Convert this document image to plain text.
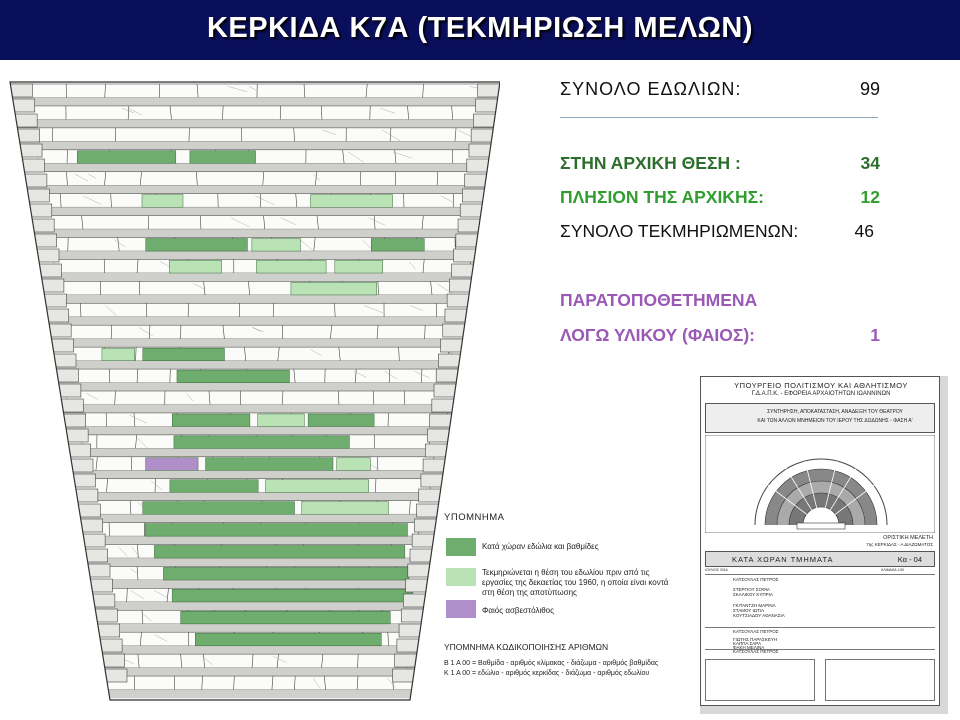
ΚΕΡΚΙΔΑ Κ7Α (ΤΕΚΜΗΡΙΩΣΗ ΜΕΛΩΝ)
ΣΥΝΟΛΟ ΕΔΩΛΙΩΝ:	99
ΣΤΗΝ ΑΡΧΙΚΗ ΘΕΣΗ :	34
ΠΛΗΣΙΟΝ ΤΗΣ ΑΡΧΙΚΗΣ:	12
ΣΥΝΟΛΟ ΤΕΚΜΗΡΙΩΜΕΝΩΝ:	46
ΠΑΡΑΤΟΠΟΘΕΤΗΜΕΝΑ
ΛΟΓΩ ΥΛΙΚΟΥ (ΦΑΙΟΣ):	1
ΥΠΟΜΝΗΜΑ
Κατά χώραν εδώλια και βαθμίδες
Τεκμηριώνεται η θέση του εδωλίου πριν από τις εργασίες της δεκαετίας του 1960, η οποία είναι κοντά στη θέση της αποτύπωσης
Φαιός ασβεστόλιθος
ΥΠΟΜΝΗΜΑ ΚΩΔΙΚΟΠΟΙΗΣΗΣ ΑΡΙΘΜΩΝ
Β 1 Α 00 = Βαθμίδα - αριθμός κλίμακας - διάζωμα - αριθμός βαθμίδας
Κ 1 Α 00 = εδώλιο - αριθμός κερκίδας - διάζωμα - αριθμός εδωλίου
ΥΠΟΥΡΓΕΙΟ ΠΟΛΙΤΙΣΜΟΥ ΚΑΙ ΑΘΛΗΤΙΣΜΟΥ
Γ.Δ.Α.Π.Κ. - ΕΦΟΡΕΙΑ ΑΡΧΑΙΟΤΗΤΩΝ ΙΩΑΝΝΙΝΩΝ
ΣΥΝΤΗΡΗΣΗ, ΑΠΟΚΑΤΑΣΤΑΣΗ, ΑΝΑΔΕΙΞΗ ΤΟΥ ΘΕΑΤΡΟΥ
ΚΑΙ ΤΩΝ ΑΛΛΩΝ ΜΝΗΜΕΙΩΝ ΤΟΥ ΙΕΡΟΥ ΤΗΣ ΔΩΔΩΝΗΣ - ΦΑΣΗ Α'
ΟΡΙΣΤΙΚΗ ΜΕΛΕΤΗ
7ης ΚΕΡΚΙΔΑΣ - Α ΔΙΑΖΩΜΑΤΟΣ
ΚΑΤΑ ΧΩΡΑΝ ΤΜΗΜΑΤΑ	Κα - 04
ΙΟΥΛΙΟΣ 2016	ΚΛΙΜΑΚΑ 1:50
ΚΑΤΣΟΥΛΑΣ ΠΕΤΡΟΣ
ΣΤΕΡΓΙΟΥ ΣΟΦΙΑ
ΣΚΑΛΙΚΟΥ ΚΥΠΡΙΑ
ΓΚΙΤΑΝΤΖΗ ΜΑΡΙΝΑ
ΣΤΑΜΟΥ ΙΩΤΙΑ
ΚΟΥΤΣΙΑΔΟΥ ΑΘΑΝΑΣΙΑ
ΚΑΤΣΟΥΛΑΣ ΠΕΤΡΟΣ
ΓΙΩΤΗΣ ΠΑΡΑΣΚΕΥΗ
ΚΑΠΠΑ ΣΑΡΑ
ΦΑΚΗ ΜΕΛΙΝΑ
ΚΑΤΣΟΥΛΑΣ ΠΕΤΡΟΣ
